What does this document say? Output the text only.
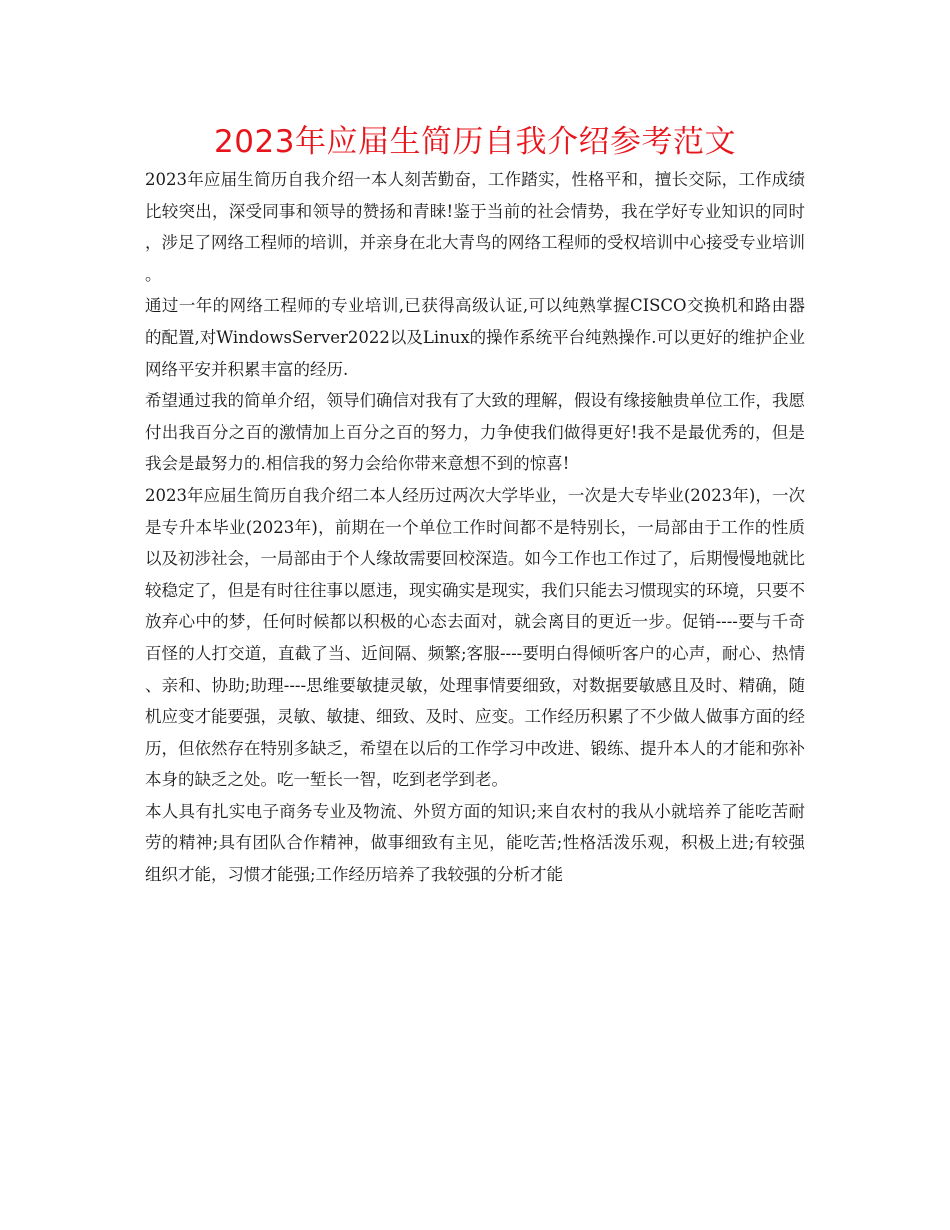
2023年应届生简历自我介绍参考范文

2023年应届生简历自我介绍一本人刻苦勤奋，工作踏实，性格平和，擅长交际，工作成绩比较突出，深受同事和领导的赞扬和青睐!鉴于当前的社会情势，我在学好专业知识的同时，涉足了网络工程师的培训，并亲身在北大青鸟的网络工程师的受权培训中心接受专业培训。

通过一年的网络工程师的专业培训,已获得高级认证,可以纯熟掌握CISCO交换机和路由器的配置,对WindowsServer2022以及Linux的操作系统平台纯熟操作.可以更好的维护企业网络平安并积累丰富的经历.

希望通过我的简单介绍，领导们确信对我有了大致的理解，假设有缘接触贵单位工作，我愿付出我百分之百的激情加上百分之百的努力，力争使我们做得更好!我不是最优秀的，但是我会是最努力的.相信我的努力会给你带来意想不到的惊喜!

2023年应届生简历自我介绍二本人经历过两次大学毕业，一次是大专毕业(2023年)，一次是专升本毕业(2023年)，前期在一个单位工作时间都不是特别长，一局部由于工作的性质以及初涉社会，一局部由于个人缘故需要回校深造。如今工作也工作过了，后期慢慢地就比较稳定了，但是有时往往事以愿违，现实确实是现实，我们只能去习惯现实的环境，只要不放弃心中的梦，任何时候都以积极的心态去面对，就会离目的更近一步。促销----要与千奇百怪的人打交道，直截了当、近间隔、频繁;客服----要明白得倾听客户的心声，耐心、热情、亲和、协助;助理----思维要敏捷灵敏，处理事情要细致，对数据要敏感且及时、精确，随机应变才能要强，灵敏、敏捷、细致、及时、应变。工作经历积累了不少做人做事方面的经历，但依然存在特别多缺乏，希望在以后的工作学习中改进、锻练、提升本人的才能和弥补本身的缺乏之处。吃一堑长一智，吃到老学到老。

本人具有扎实电子商务专业及物流、外贸方面的知识;来自农村的我从小就培养了能吃苦耐劳的精神;具有团队合作精神，做事细致有主见，能吃苦;性格活泼乐观，积极上进;有较强组织才能，习惯才能强;工作经历培养了我较强的分析才能
